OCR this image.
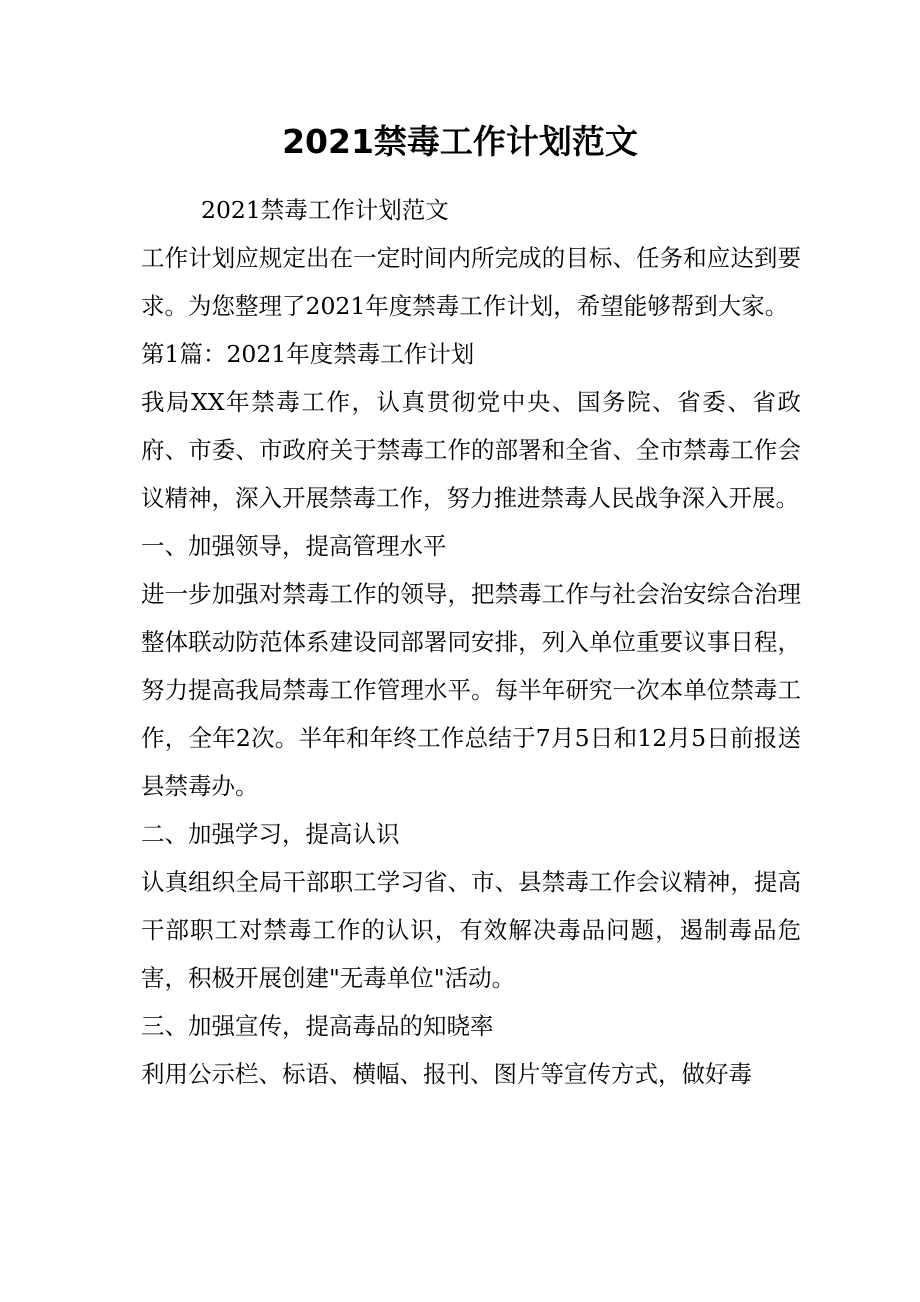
2021禁毒工作计划范文

2021禁毒工作计划范文

工作计划应规定出在一定时间内所完成的目标、任务和应达到要求。为您整理了2021年度禁毒工作计划，希望能够帮到大家。

第1篇：2021年度禁毒工作计划

我局XX年禁毒工作，认真贯彻党中央、国务院、省委、省政府、市委、市政府关于禁毒工作的部署和全省、全市禁毒工作会议精神，深入开展禁毒工作，努力推进禁毒人民战争深入开展。

一、加强领导，提高管理水平

进一步加强对禁毒工作的领导，把禁毒工作与社会治安综合治理整体联动防范体系建设同部署同安排，列入单位重要议事日程，努力提高我局禁毒工作管理水平。每半年研究一次本单位禁毒工作，全年2次。半年和年终工作总结于7月5日和12月5日前报送县禁毒办。

二、加强学习，提高认识

认真组织全局干部职工学习省、市、县禁毒工作会议精神，提高干部职工对禁毒工作的认识，有效解决毒品问题，遏制毒品危害，积极开展创建"无毒单位"活动。

三、加强宣传，提高毒品的知晓率

利用公示栏、标语、横幅、报刊、图片等宣传方式，做好毒
